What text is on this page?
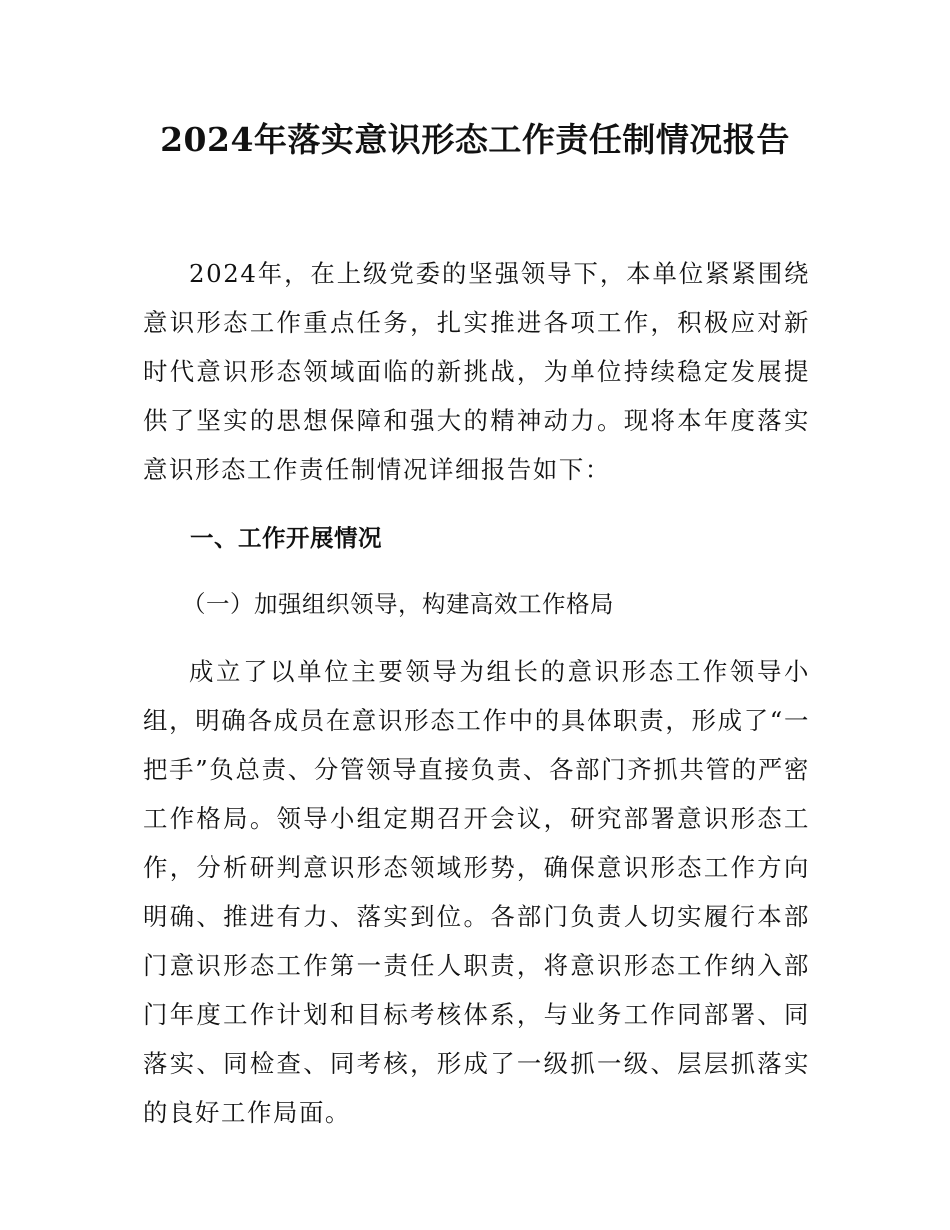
2024年落实意识形态工作责任制情况报告

2024年，在上级党委的坚强领导下，本单位紧紧围绕意识形态工作重点任务，扎实推进各项工作，积极应对新时代意识形态领域面临的新挑战，为单位持续稳定发展提供了坚实的思想保障和强大的精神动力。现将本年度落实意识形态工作责任制情况详细报告如下：

一、工作开展情况
（一）加强组织领导，构建高效工作格局

成立了以单位主要领导为组长的意识形态工作领导小组，明确各成员在意识形态工作中的具体职责，形成了“一把手”负总责、分管领导直接负责、各部门齐抓共管的严密工作格局。领导小组定期召开会议，研究部署意识形态工作，分析研判意识形态领域形势，确保意识形态工作方向明确、推进有力、落实到位。各部门负责人切实履行本部门意识形态工作第一责任人职责，将意识形态工作纳入部门年度工作计划和目标考核体系，与业务工作同部署、同落实、同检查、同考核，形成了一级抓一级、层层抓落实的良好工作局面。
